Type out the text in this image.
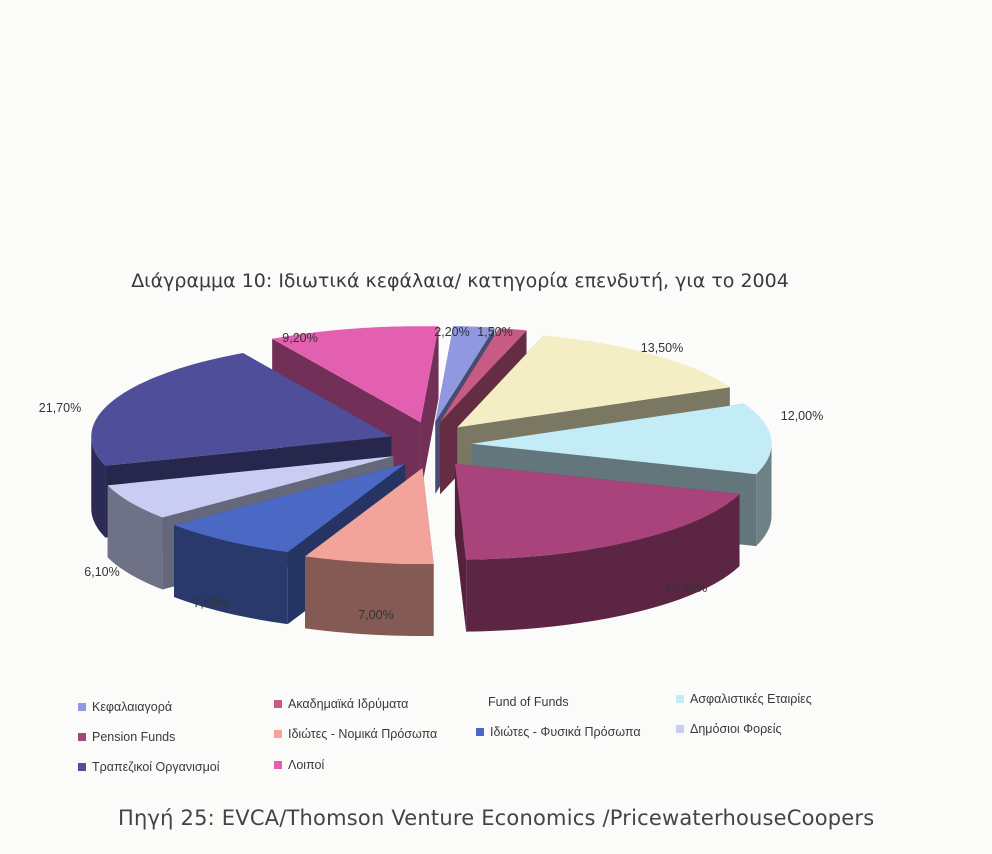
Διάγραμμα 10: Ιδιωτικά κεφάλαια/ κατηγορία επενδυτή, για το 2004
2,20% 1,50%
13,50%
12,00%
19,30%
7,00%
7,60%
6,10%
21,70%
9,20%
Κεφαλαιαγορά	Ακαδημαϊκά Ιδρύματα	Fund of Funds	Ασφαλιστικές Εταιρίες
Pension Funds	Ιδιώτες - Νομικά Πρόσωπα	Ιδιώτες - Φυσικά Πρόσωπα	Δημόσιοι Φορείς
Τραπεζικοί Οργανισμοί	Λοιποί
Πηγή 25: EVCA/Thomson Venture Economics /PricewaterhouseCoopers
